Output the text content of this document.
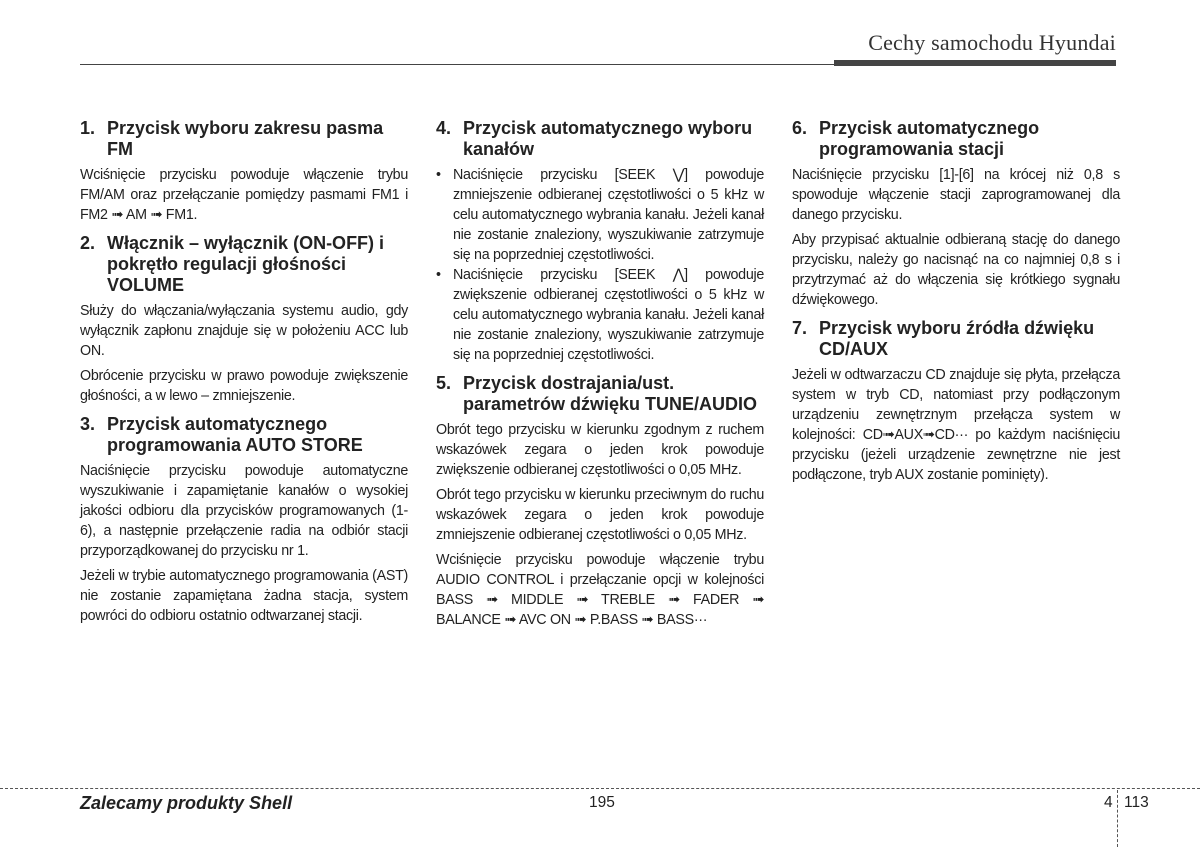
Cechy samochodu Hyundai
1. Przycisk wyboru zakresu pasma FM

Wciśnięcie przycisku powoduje włączenie trybu FM/AM oraz przełączanie pomiędzy pasmami FM1 i FM2 ➟ AM ➟ FM1.

2. Włącznik – wyłącznik (ON-OFF) i pokrętło regulacji głośności VOLUME

Służy do włączania/wyłączania systemu audio, gdy wyłącznik zapłonu znajduje się w położeniu ACC lub ON.

Obrócenie przycisku w prawo powoduje zwiększenie głośności, a w lewo – zmniejszenie.

3. Przycisk automatycznego programowania AUTO STORE

Naciśnięcie przycisku powoduje automatyczne wyszukiwanie i zapamiętanie kanałów o wysokiej jakości odbioru dla przycisków programowanych (1-6), a następnie przełączenie radia na odbiór stacji przyporządkowanej do przycisku nr 1.

Jeżeli w trybie automatycznego programowania (AST) nie zostanie zapamiętana żadna stacja, system powróci do odbioru ostatnio odtwarzanej stacji.

4. Przycisk automatycznego wyboru kanałów
• Naciśnięcie przycisku [SEEK ⋁] powoduje zmniejszenie odbieranej częstotliwości o 5 kHz w celu automatycznego wybrania kanału. Jeżeli kanał nie zostanie znaleziony, wyszukiwanie zatrzymuje się na poprzedniej częstotliwości.
• Naciśnięcie przycisku [SEEK ⋀] powoduje zwiększenie odbieranej częstotliwości o 5 kHz w celu automatycznego wybrania kanału. Jeżeli kanał nie zostanie znaleziony, wyszukiwanie zatrzymuje się na poprzedniej częstotliwości.
5. Przycisk dostrajania/ust. parametrów dźwięku TUNE/AUDIO

Obrót tego przycisku w kierunku zgodnym z ruchem wskazówek zegara o jeden krok powoduje zwiększenie odbieranej częstotliwości o 0,05 MHz.

Obrót tego przycisku w kierunku przeciwnym do ruchu wskazówek zegara o jeden krok powoduje zmniejszenie odbieranej częstotliwości o 0,05 MHz.

Wciśnięcie przycisku powoduje włączenie trybu AUDIO CONTROL i przełączanie opcji w kolejności BASS ➟ MIDDLE ➟ TREBLE ➟ FADER ➟ BALANCE ➟ AVC ON ➟ P.BASS ➟ BASS···

6. Przycisk automatycznego programowania stacji

Naciśnięcie przycisku [1]-[6] na krócej niż 0,8 s spowoduje włączenie stacji zaprogramowanej dla danego przycisku.

Aby przypisać aktualnie odbieraną stację do danego przycisku, należy go nacisnąć na co najmniej 0,8 s i przytrzymać aż do włączenia się krótkiego sygnału dźwiękowego.

7. Przycisk wyboru źródła dźwięku CD/AUX

Jeżeli w odtwarzaczu CD znajduje się płyta, przełącza system w tryb CD, natomiast przy podłączonym urządzeniu zewnętrznym przełącza system w kolejności: CD➟AUX➟CD··· po każdym naciśnięciu przycisku (jeżeli urządzenie zewnętrzne nie jest podłączone, tryb AUX zostanie pominięty).

Zalecamy produkty Shell	195	4 113
